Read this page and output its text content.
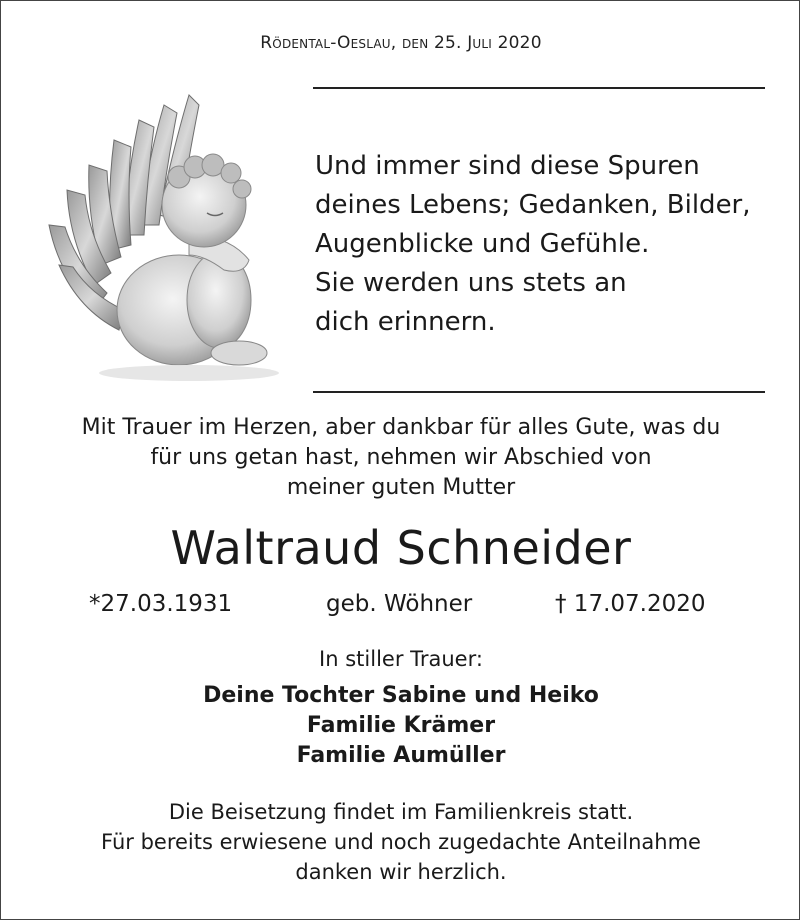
Rödental-Oeslau, den 25. Juli 2020
Und immer sind diese Spuren
deines Lebens; Gedanken, Bilder,
Augenblicke und Gefühle.
Sie werden uns stets an
dich erinnern.
Mit Trauer im Herzen, aber dankbar für alles Gute, was du
für uns getan hast, nehmen wir Abschied von
meiner guten Mutter
Waltraud Schneider
*27.03.1931	geb. Wöhner	† 17.07.2020
In stiller Trauer:
Deine Tochter Sabine und Heiko
Familie Krämer
Familie Aumüller
Die Beisetzung findet im Familienkreis statt.
Für bereits erwiesene und noch zugedachte Anteilnahme
danken wir herzlich.
